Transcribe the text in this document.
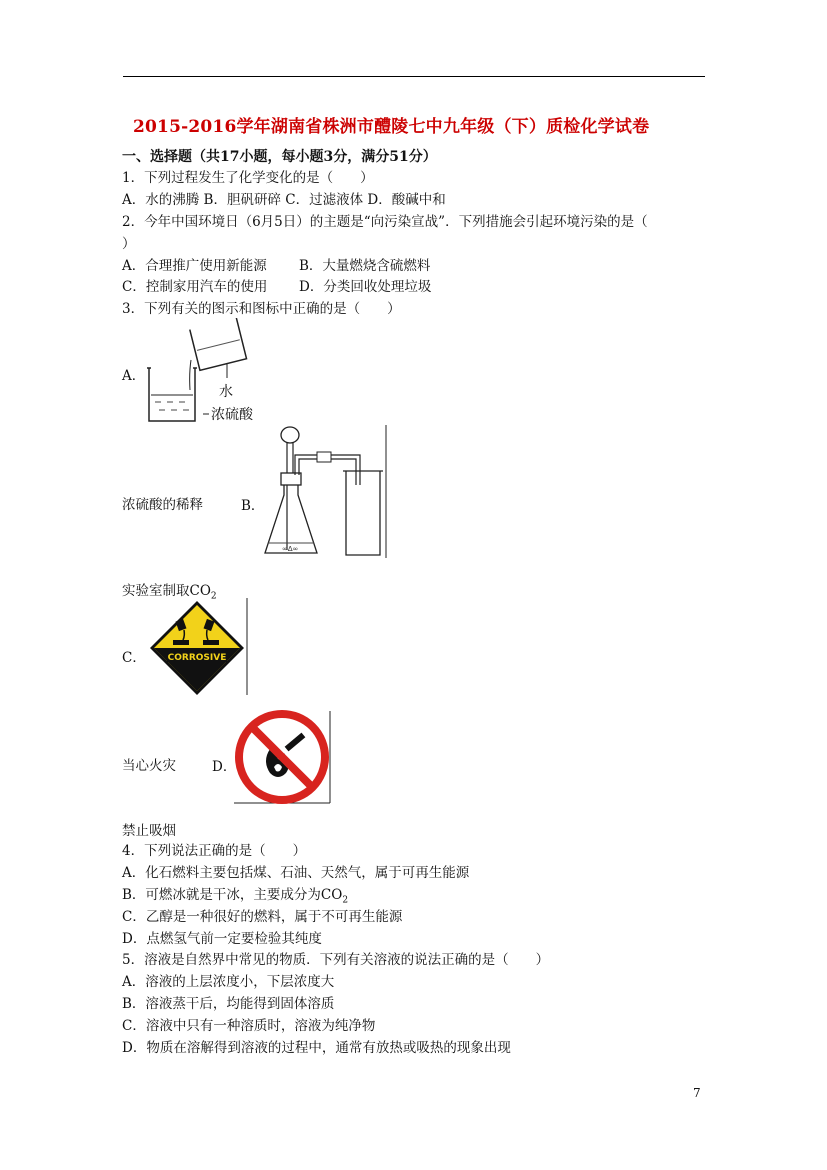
2015-2016学年湖南省株洲市醴陵七中九年级（下）质检化学试卷
一、选择题（共17小题，每小题3分，满分51分）
1．下列过程发生了化学变化的是（　　）
A．水的沸腾 B．胆矾研碎 C．过滤液体 D．酸碱中和
2．今年中国环境日（6月5日）的主题是“向污染宣战”．下列措施会引起环境污染的是（
）
A．合理推广使用新能源 B．大量燃烧含硫燃料
C．控制家用汽车的使用 D．分类回收处理垃圾
3．下列有关的图示和图标中正确的是（　　）
A．
水
浓硫酸
浓硫酸的稀释	B．
∞∆∞
实验室制取$CO_2$
C． CORROSIVE
当心火灾	D．
禁止吸烟
4．下列说法正确的是（　　）
A．化石燃料主要包括煤、石油、天然气，属于可再生能源
B．可燃冰就是干冰，主要成分为$CO_2$
C．乙醇是一种很好的燃料，属于不可再生能源
D．点燃氢气前一定要检验其纯度
5．溶液是自然界中常见的物质．下列有关溶液的说法正确的是（　　）
A．溶液的上层浓度小，下层浓度大
B．溶液蒸干后，均能得到固体溶质
C．溶液中只有一种溶质时，溶液为纯净物
D．物质在溶解得到溶液的过程中，通常有放热或吸热的现象出现
7
